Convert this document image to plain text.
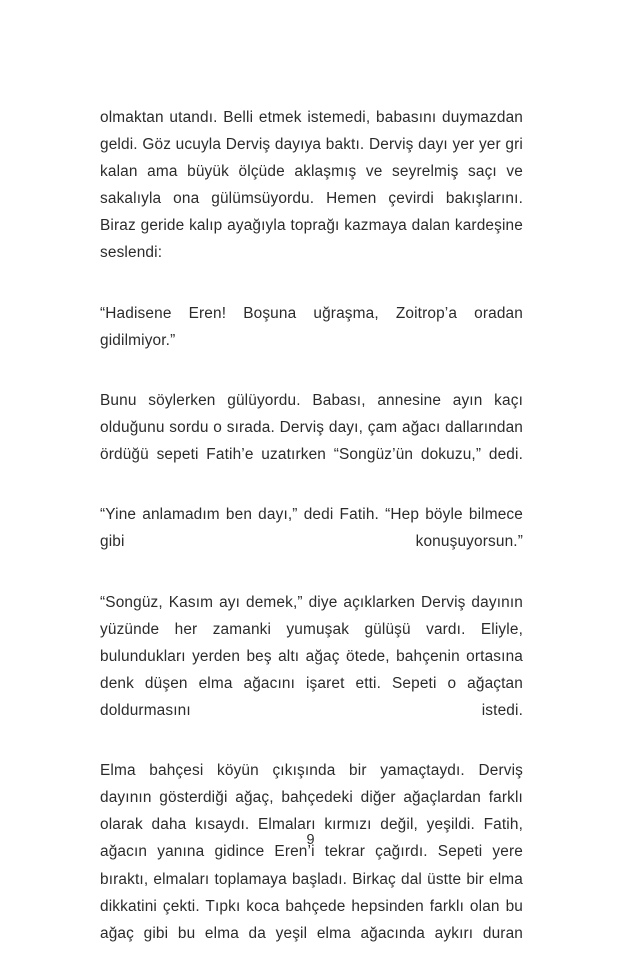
olmaktan utandı. Belli etmek istemedi, babasını duymazdan geldi. Göz ucuyla Derviş dayıya baktı. Derviş dayı yer yer gri kalan ama büyük ölçüde aklaşmış ve seyrelmiş saçı ve sakalıyla ona gülümsüyordu. Hemen çevirdi bakışlarını. Biraz geride kalıp ayağıyla toprağı kazmaya dalan kardeşine seslendi:

“Hadisene Eren! Boşuna uğraşma, Zoitrop’a oradan gidilmiyor.”

Bunu söylerken gülüyordu. Babası, annesine ayın kaçı olduğunu sordu o sırada. Derviş dayı, çam ağacı dallarından ördüğü sepeti Fatih’e uzatırken “Songüz’ün dokuzu,” dedi.

“Yine anlamadım ben dayı,” dedi Fatih. “Hep böyle bilmece gibi konuşuyorsun.”

“Songüz, Kasım ayı demek,” diye açıklarken Derviş dayının yüzünde her zamanki yumuşak gülüşü vardı. Eliyle, bulundukları yerden beş altı ağaç ötede, bahçenin ortasına denk düşen elma ağacını işaret etti. Sepeti o ağaçtan doldurmasını istedi.

Elma bahçesi köyün çıkışında bir yamaçtaydı. Derviş dayının gösterdiği ağaç, bahçedeki diğer ağaçlardan farklı olarak daha kısaydı. Elmaları kırmızı değil, yeşildi. Fatih, ağacın yanına gidince Eren’i tekrar çağırdı. Sepeti yere bıraktı, elmaları toplamaya başladı. Birkaç dal üstte bir elma dikkatini çekti. Tıpkı koca bahçede hepsinden farklı olan bu ağaç gibi bu elma da yeşil elma ağacında aykırı duran

9
